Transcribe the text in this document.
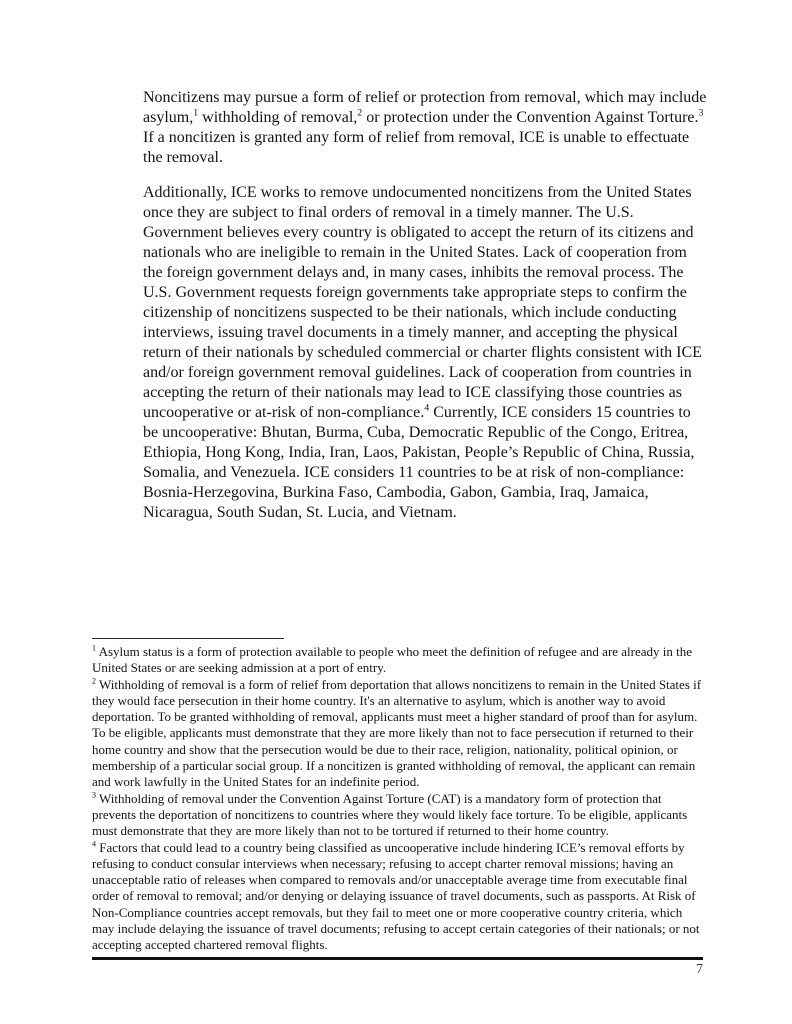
Noncitizens may pursue a form of relief or protection from removal, which may include asylum,$^1$ withholding of removal,$^2$ or protection under the Convention Against Torture.$^3$ If a noncitizen is granted any form of relief from removal, ICE is unable to effectuate the removal.

Additionally, ICE works to remove undocumented noncitizens from the United States once they are subject to final orders of removal in a timely manner. The U.S. Government believes every country is obligated to accept the return of its citizens and nationals who are ineligible to remain in the United States. Lack of cooperation from the foreign government delays and, in many cases, inhibits the removal process. The U.S. Government requests foreign governments take appropriate steps to confirm the citizenship of noncitizens suspected to be their nationals, which include conducting interviews, issuing travel documents in a timely manner, and accepting the physical return of their nationals by scheduled commercial or charter flights consistent with ICE and/or foreign government removal guidelines. Lack of cooperation from countries in accepting the return of their nationals may lead to ICE classifying those countries as uncooperative or at-risk of non-compliance.$^4$ Currently, ICE considers 15 countries to be uncooperative: Bhutan, Burma, Cuba, Democratic Republic of the Congo, Eritrea, Ethiopia, Hong Kong, India, Iran, Laos, Pakistan, People’s Republic of China, Russia, Somalia, and Venezuela. ICE considers 11 countries to be at risk of non-compliance: Bosnia-Herzegovina, Burkina Faso, Cambodia, Gabon, Gambia, Iraq, Jamaica, Nicaragua, South Sudan, St. Lucia, and Vietnam.

$^1$ Asylum status is a form of protection available to people who meet the definition of refugee and are already in the United States or are seeking admission at a port of entry.
$^2$ Withholding of removal is a form of relief from deportation that allows noncitizens to remain in the United States if they would face persecution in their home country. It's an alternative to asylum, which is another way to avoid deportation. To be granted withholding of removal, applicants must meet a higher standard of proof than for asylum. To be eligible, applicants must demonstrate that they are more likely than not to face persecution if returned to their home country and show that the persecution would be due to their race, religion, nationality, political opinion, or membership of a particular social group. If a noncitizen is granted withholding of removal, the applicant can remain and work lawfully in the United States for an indefinite period.
$^3$ Withholding of removal under the Convention Against Torture (CAT) is a mandatory form of protection that prevents the deportation of noncitizens to countries where they would likely face torture. To be eligible, applicants must demonstrate that they are more likely than not to be tortured if returned to their home country.
$^4$ Factors that could lead to a country being classified as uncooperative include hindering ICE’s removal efforts by refusing to conduct consular interviews when necessary; refusing to accept charter removal missions; having an unacceptable ratio of releases when compared to removals and/or unacceptable average time from executable final order of removal to removal; and/or denying or delaying issuance of travel documents, such as passports. At Risk of Non-Compliance countries accept removals, but they fail to meet one or more cooperative country criteria, which may include delaying the issuance of travel documents; refusing to accept certain categories of their nationals; or not accepting accepted chartered removal flights.
7
